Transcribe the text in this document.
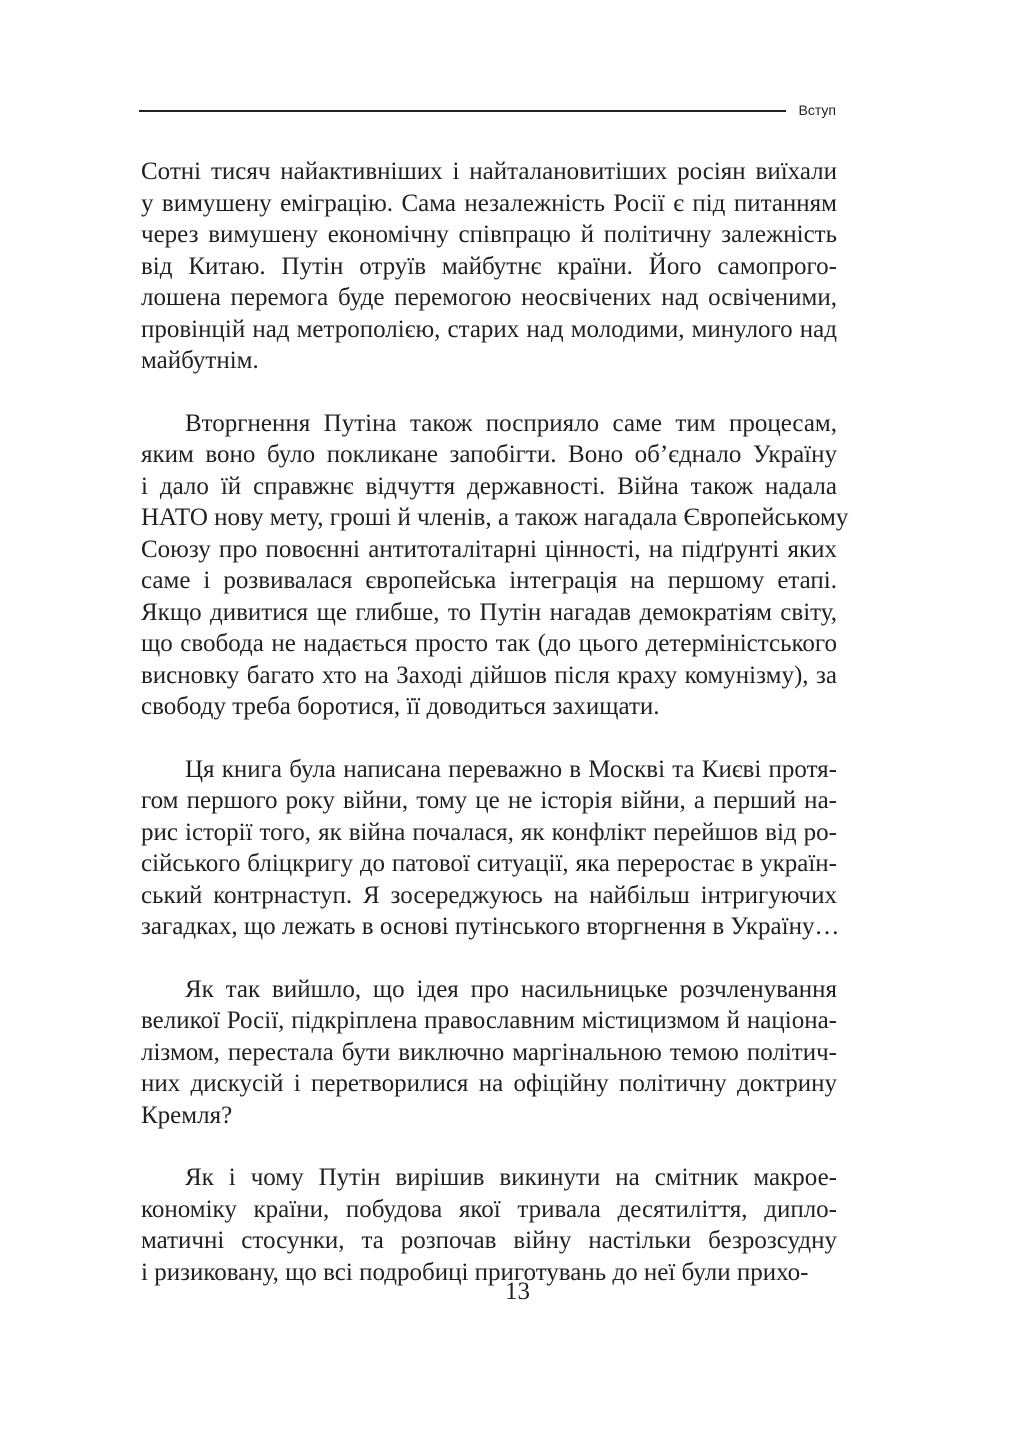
Вступ

Сотні тисяч найактивніших і найталановитіших росіян виїхали
у вимушену еміграцію. Сама незалежність Росії є під питанням
через вимушену економічну співпрацю й політичну залежність
від Китаю. Путін отруїв майбутнє країни. Його самопрого-
лошена перемога буде перемогою неосвічених над освіченими,
провінцій над метрополією, старих над молодими, минулого над
майбутнім.

Вторгнення Путіна також посприяло саме тим процесам,
яким воно було покликане запобігти. Воно об’єднало Україну
і дало їй справжнє відчуття державності. Війна також надала
НАТО нову мету, гроші й членів, а також нагадала Європейському
Союзу про повоєнні антитоталітарні цінності, на підґрунті яких
саме і розвивалася європейська інтеграція на першому етапі.
Якщо дивитися ще глибше, то Путін нагадав демократіям світу,
що свобода не надається просто так (до цього детерміністського
висновку багато хто на Заході дійшов після краху комунізму), за
свободу треба боротися, її доводиться захищати.

Ця книга була написана переважно в Москві та Києві протя-
гом першого року війни, тому це не історія війни, а перший на-
рис історії того, як війна почалася, як конфлікт перейшов від ро-
сійського бліцкригу до патової ситуації, яка переростає в україн-
ський контрнаступ. Я зосереджуюсь на найбільш інтригуючих
загадках, що лежать в основі путінського вторгнення в Україну…

Як так вийшло, що ідея про насильницьке розчленування
великої Росії, підкріплена православним містицизмом й націона-
лізмом, перестала бути виключно маргінальною темою політич-
них дискусій і перетворилися на офіційну політичну доктрину
Кремля?

Як і чому Путін вирішив викинути на смітник макрое-
кономіку країни, побудова якої тривала десятиліття, дипло-
матичні стосунки, та розпочав війну настільки безрозсудну
і ризиковану, що всі подробиці приготувань до неї були прихо-

13
